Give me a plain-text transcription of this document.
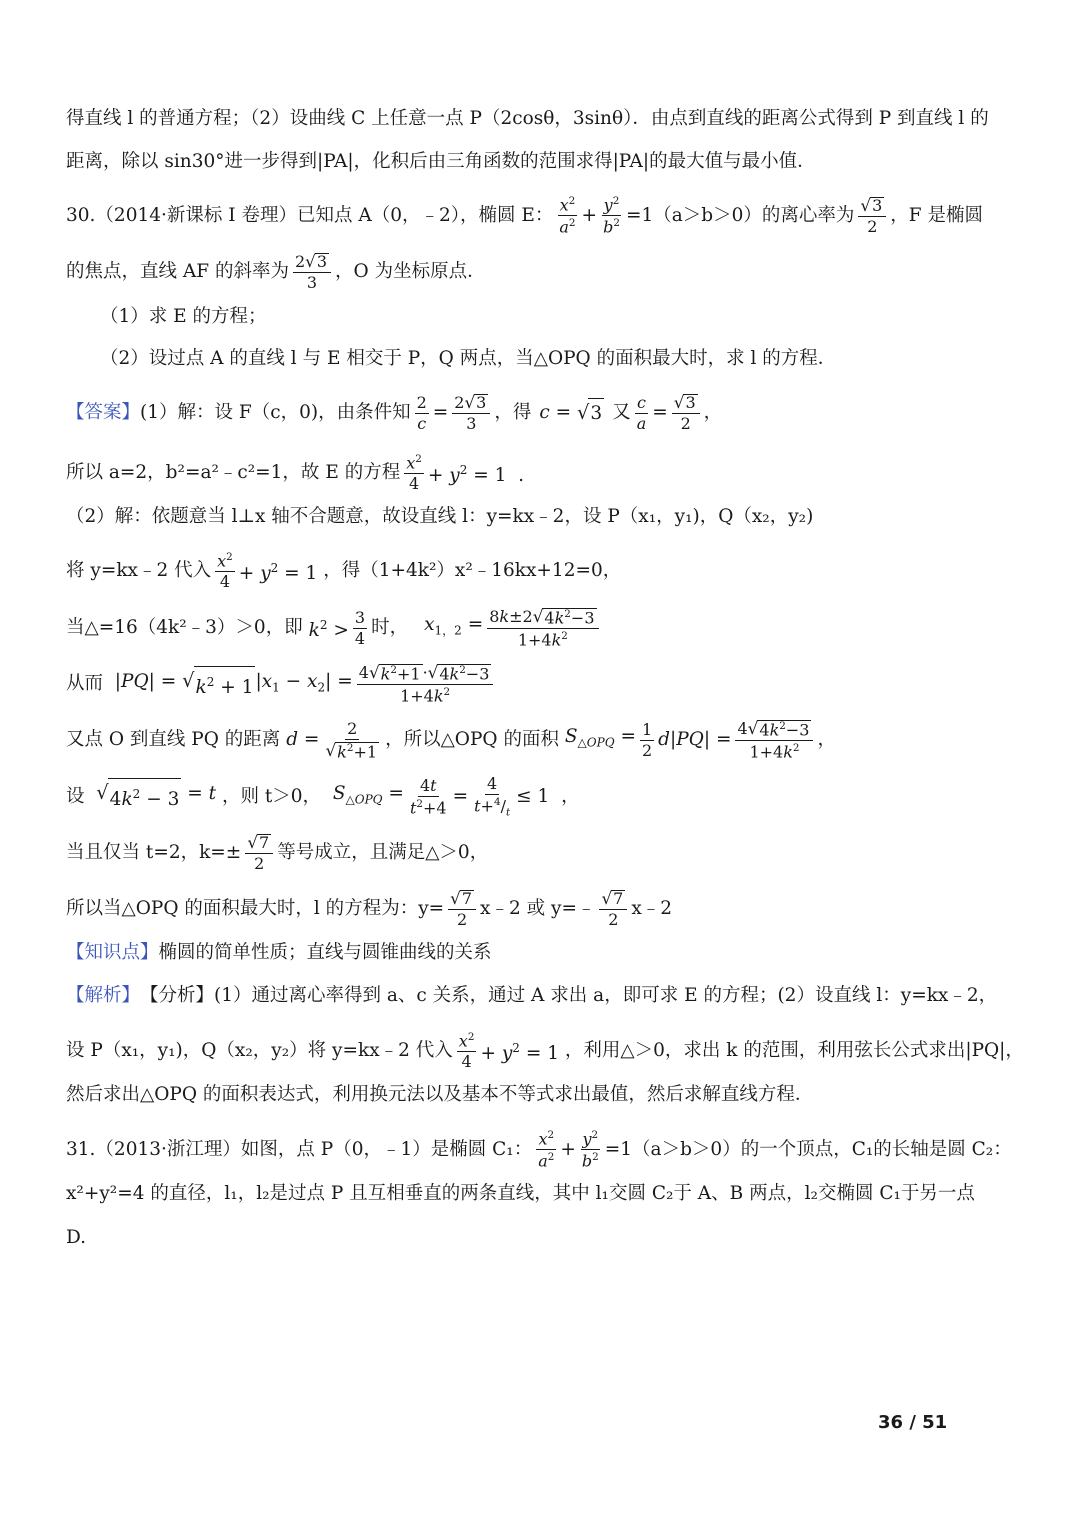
得直线 l 的普通方程；（2）设曲线 C 上任意一点 P（2cosθ，3sinθ）．由点到直线的距离公式得到 P 到直线 l 的
距离，除以 sin30°进一步得到|PA|，化积后由三角函数的范围求得|PA|的最大值与最小值．
30.（2014·新课标 I 卷理）已知点 A（0，﹣2），椭圆 E： $\frac{x^2}{a^2} + \frac{y^2}{b^2} =1(a>b>0)$的离心率为 $\frac{√ 3}{2}$ ，F 是椭圆
的焦点，直线 AF 的斜率为 $\frac{2 √ 3}{3}$ ，O 为坐标原点．
（1）求 E 的方程；
（2）设过点 A 的直线 l 与 E 相交于 P，Q 两点，当△OPQ 的面积最大时，求 l 的方程．
【答案】 (1）解：设 F（c，0)，由条件知 $\frac{2}{c} = \frac{2 √ 3}{3}$ ，得 c = √ 3 又 $\frac{c}{a} = \frac{√ 3}{2}$ ，
所以 a=2，b²=a²﹣c²=1，故 E 的方程 $\frac{x^2}{4} + y^2 = 1$  .
（2）解：依题意当 l⊥x 轴不合题意，故设直线 l：y=kx﹣2，设 P（x₁，y₁)，Q（x₂，y₂)
将 y=kx﹣2 代入 $\frac{x^2}{4} + y^2 = 1$ ，得（1+4k²）x²﹣16kx+12=0，
当△=16（4k²﹣3）＞0，即 $k^2 > \frac{3}{4}$ 时， $x_{1,2} = \frac{8k\pm 2 √ 4k^2-3}{1+4k^2}$
从而 |PQ| = √ $k^2 + 1$ $|x_1 - x_2| = \frac{4 √ k^2+1 \cdot √ 4k^2-3}{1+4k^2}$
又点 O 到直线 PQ 的距离 $d = \frac{2}{√ k^2+1}$ ，所以△OPQ 的面积 $S_{\triangle OPQ} = \frac{1}{2} d|PQ| = \frac{4 √ 4k^2-3}{1+4k^2}$ ，
设
√ $4k^2 - 3 = t$ ，则 t＞0， $S_{\triangle OPQ} = \frac{4t}{t^2+4} = \frac{4}{t+^4/_t} \le 1$  ，
当且仅当 t=2，$k=\pm \frac{√ 7}{2}$ 等号成立，且满足△＞0，
所以当△OPQ 的面积最大时，l 的方程为：$y= \frac{√ 7}{2}$ x﹣2 或 y=﹣ $\frac{√ 7}{2}$ x﹣2
【知识点】 椭圆的简单性质；直线与圆锥曲线的关系
【解析】 【分析】(1）通过离心率得到 a、c 关系，通过 A 求出 a，即可求 E 的方程；(2）设直线 l：y=kx﹣2，
设 P（x₁，y₁)，Q（x₂，y₂）将 y=kx﹣2 代入 $\frac{x^2}{4} + y^2 = 1$ ，利用△＞0，求出 k 的范围，利用弦长公式求出|PQ|，
然后求出△OPQ 的面积表达式，利用换元法以及基本不等式求出最值，然后求解直线方程．
31.（2013·浙江理）如图，点 P（0，﹣1）是椭圆 C₁： $\frac{x^2}{a^2} + \frac{y^2}{b^2} =1(a>b>0)$的一个顶点，C₁的长轴是圆 C₂：
x²+y²=4 的直径，l₁，l₂是过点 P 且互相垂直的两条直线，其中 l₁交圆 C₂于 A、B 两点，l₂交椭圆 C₁于另一点
D.
36 / 51
